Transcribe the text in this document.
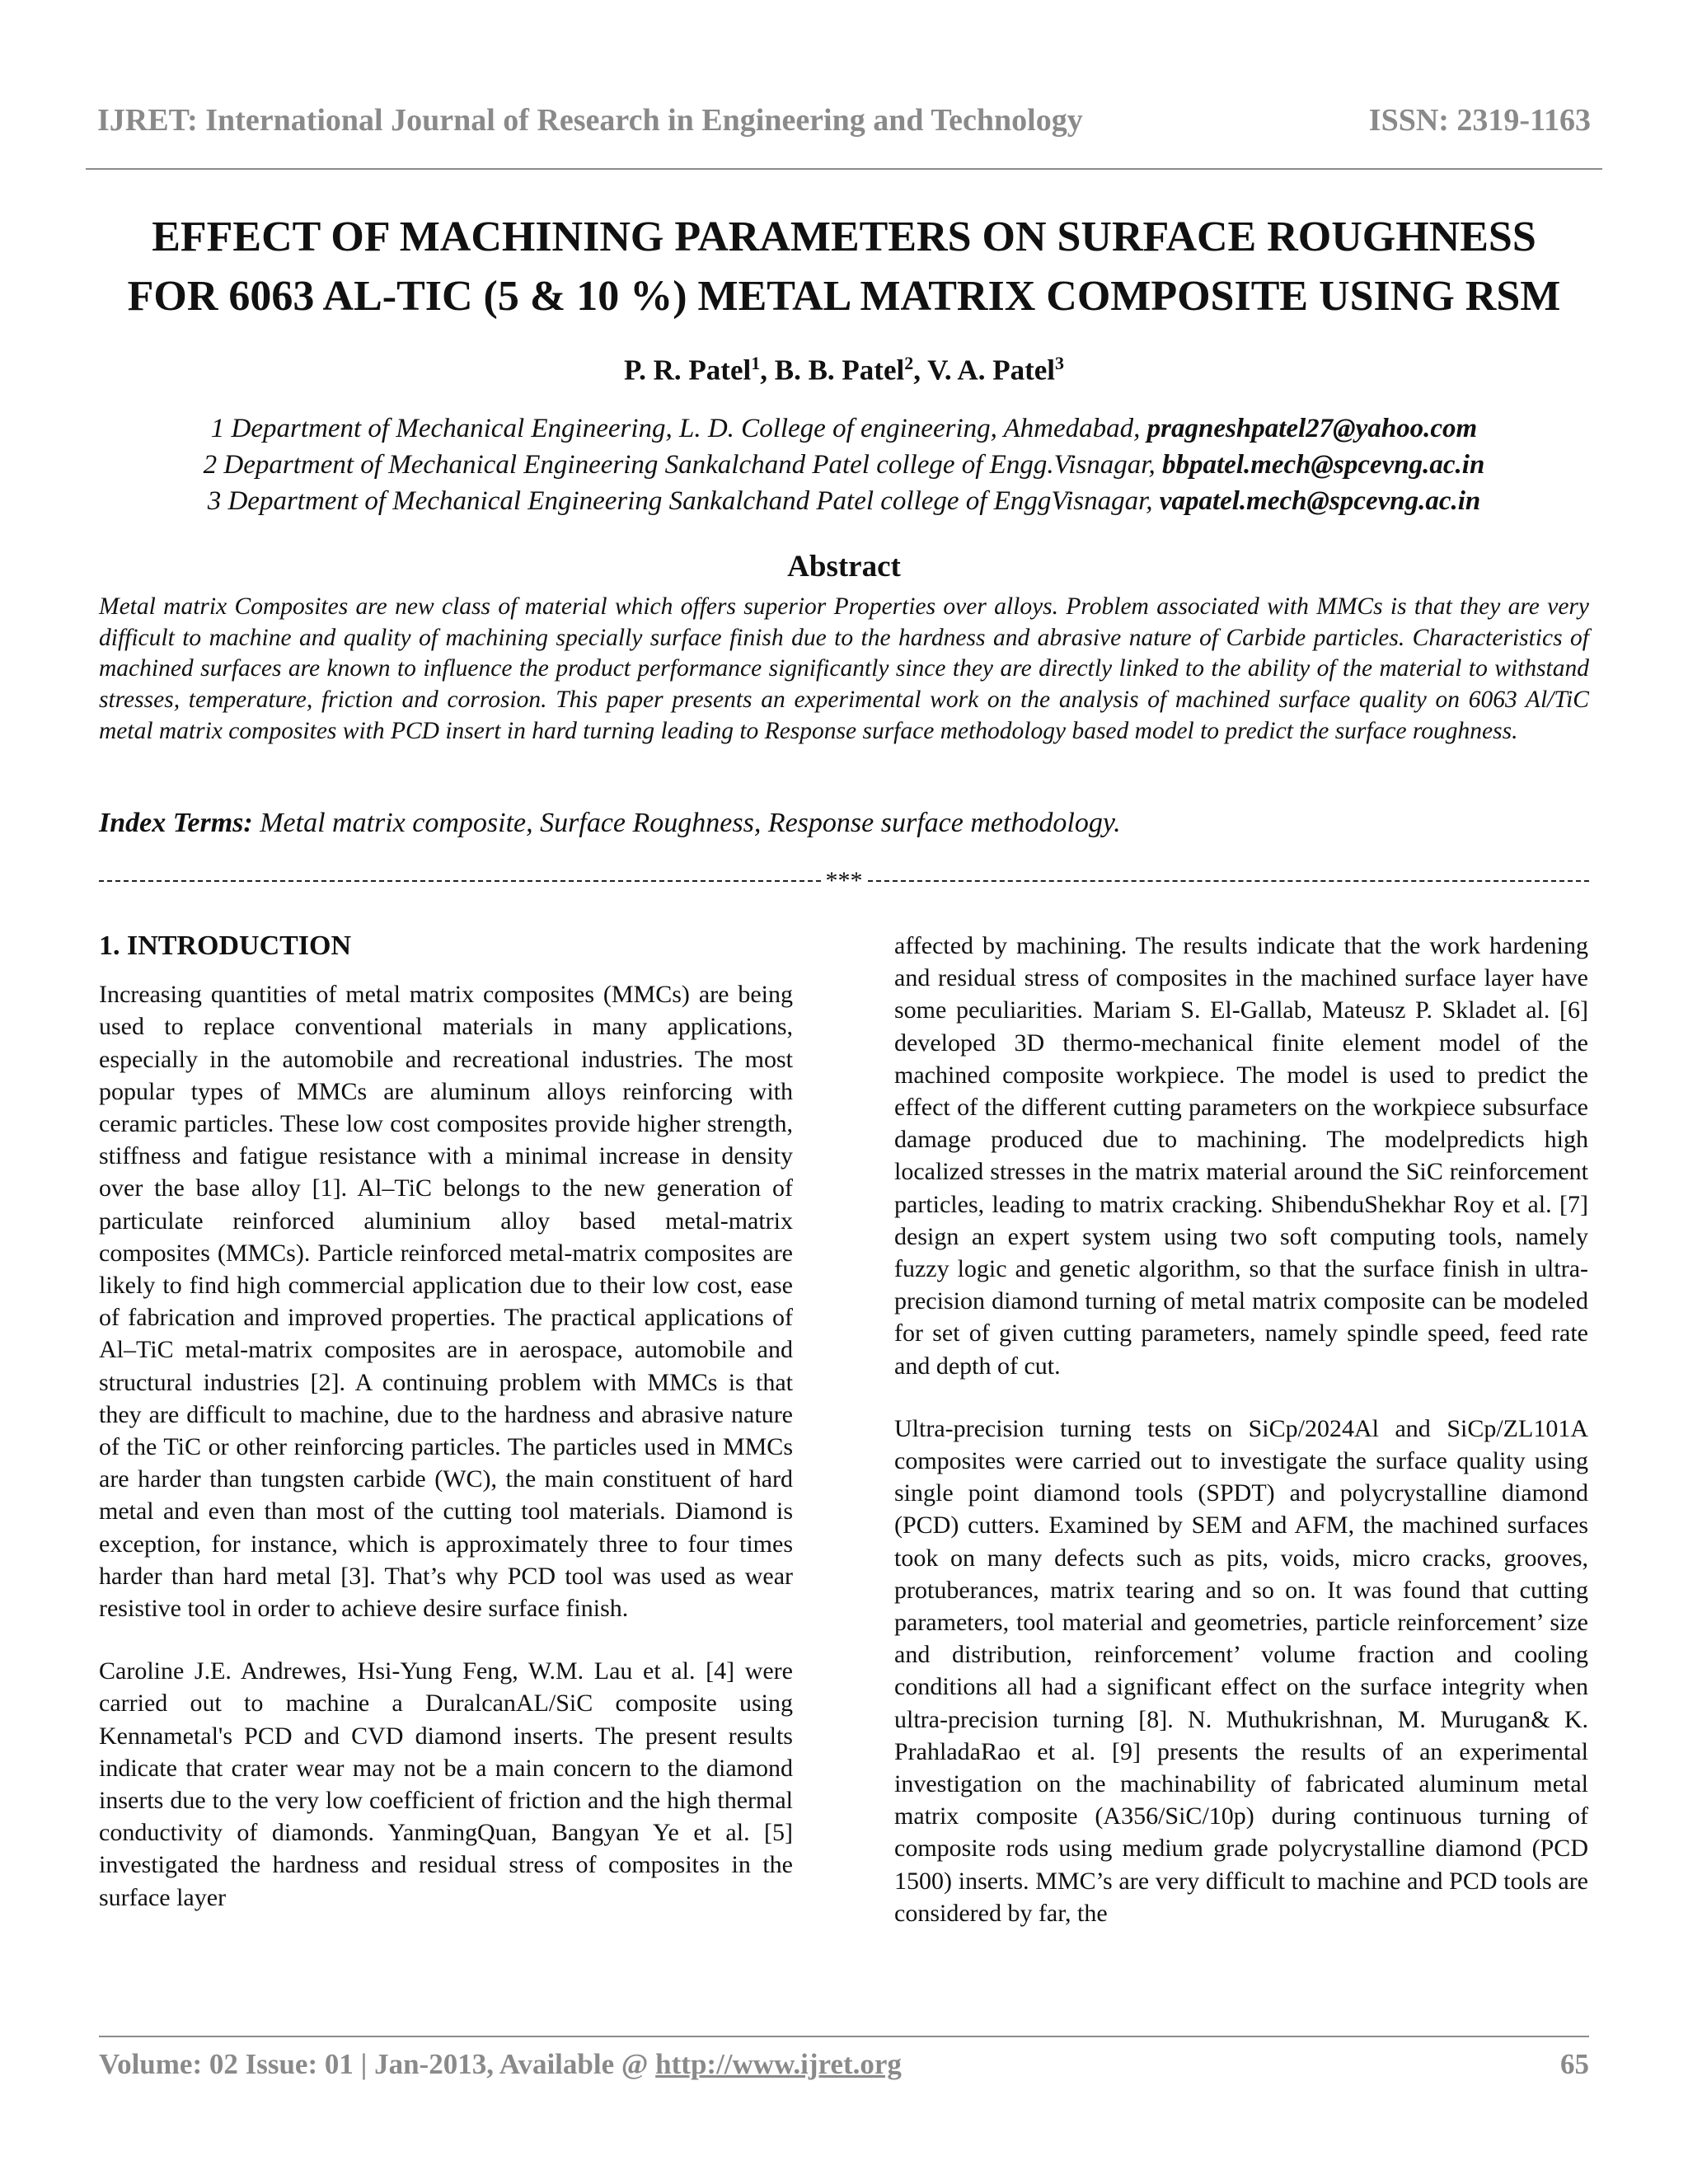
IJRET: International Journal of Research in Engineering and Technology	ISSN: 2319-1163
EFFECT OF MACHINING PARAMETERS ON SURFACE ROUGHNESS
FOR 6063 AL-TIC (5 & 10 %) METAL MATRIX COMPOSITE USING RSM
P. R. Patel$^1$, B. B. Patel$^2$, V. A. Patel$^3$
1 Department of Mechanical Engineering, L. D. College of engineering, Ahmedabad, pragneshpatel27@yahoo.com
2 Department of Mechanical Engineering Sankalchand Patel college of Engg.Visnagar, bbpatel.mech@spcevng.ac.in
3 Department of Mechanical Engineering Sankalchand Patel college of EnggVisnagar, vapatel.mech@spcevng.ac.in
Abstract
Metal matrix Composites are new class of material which offers superior Properties over alloys. Problem associated with MMCs is that they are very difficult to machine and quality of machining specially surface finish due to the hardness and abrasive nature of Carbide particles. Characteristics of machined surfaces are known to influence the product performance significantly since they are directly linked to the ability of the material to withstand stresses, temperature, friction and corrosion. This paper presents an experimental work on the analysis of machined surface quality on 6063 Al/TiC metal matrix composites with PCD insert in hard turning leading to Response surface methodology based model to predict the surface roughness.
Index Terms: Metal matrix composite, Surface Roughness, Response surface methodology.
***
1. INTRODUCTION

Increasing quantities of metal matrix composites (MMCs) are being used to replace conventional materials in many applications, especially in the automobile and recreational industries. The most popular types of MMCs are aluminum alloys reinforcing with ceramic particles. These low cost composites provide higher strength, stiffness and fatigue resistance with a minimal increase in density over the base alloy [1]. Al–TiC belongs to the new generation of particulate reinforced aluminium alloy based metal-matrix composites (MMCs). Particle reinforced metal-matrix composites are likely to find high commercial application due to their low cost, ease of fabrication and improved properties. The practical applications of Al–TiC metal-matrix composites are in aerospace, automobile and structural industries [2]. A continuing problem with MMCs is that they are difficult to machine, due to the hardness and abrasive nature of the TiC or other reinforcing particles. The particles used in MMCs are harder than tungsten carbide (WC), the main constituent of hard metal and even than most of the cutting tool materials. Diamond is exception, for instance, which is approximately three to four times harder than hard metal [3]. That’s why PCD tool was used as wear resistive tool in order to achieve desire surface finish.

Caroline J.E. Andrewes, Hsi-Yung Feng, W.M. Lau et al. [4] were carried out to machine a DuralcanAL/SiC composite using Kennametal's PCD and CVD diamond inserts. The present results indicate that crater wear may not be a main concern to the diamond inserts due to the very low coefficient of friction and the high thermal conductivity of diamonds. YanmingQuan, Bangyan Ye et al. [5] investigated the hardness and residual stress of composites in the surface layer

affected by machining. The results indicate that the work hardening and residual stress of composites in the machined surface layer have some peculiarities. Mariam S. El-Gallab, Mateusz P. Skladet al. [6] developed 3D thermo-mechanical finite element model of the machined composite workpiece. The model is used to predict the effect of the different cutting parameters on the workpiece subsurface damage produced due to machining. The modelpredicts high localized stresses in the matrix material around the SiC reinforcement particles, leading to matrix cracking. ShibenduShekhar Roy et al. [7] design an expert system using two soft computing tools, namely fuzzy logic and genetic algorithm, so that the surface finish in ultra-precision diamond turning of metal matrix composite can be modeled for set of given cutting parameters, namely spindle speed, feed rate and depth of cut.

Ultra-precision turning tests on SiCp/2024Al and SiCp/ZL101A composites were carried out to investigate the surface quality using single point diamond tools (SPDT) and polycrystalline diamond (PCD) cutters. Examined by SEM and AFM, the machined surfaces took on many defects such as pits, voids, micro cracks, grooves, protuberances, matrix tearing and so on. It was found that cutting parameters, tool material and geometries, particle reinforcement’ size and distribution, reinforcement’ volume fraction and cooling conditions all had a significant effect on the surface integrity when ultra-precision turning [8]. N. Muthukrishnan, M. Murugan& K. PrahladaRao et al. [9] presents the results of an experimental investigation on the machinability of fabricated aluminum metal matrix composite (A356/SiC/10p) during continuous turning of composite rods using medium grade polycrystalline diamond (PCD 1500) inserts. MMC’s are very difficult to machine and PCD tools are considered by far, the

Volume: 02 Issue: 01 | Jan-2013, Available @ http://www.ijret.org	65
